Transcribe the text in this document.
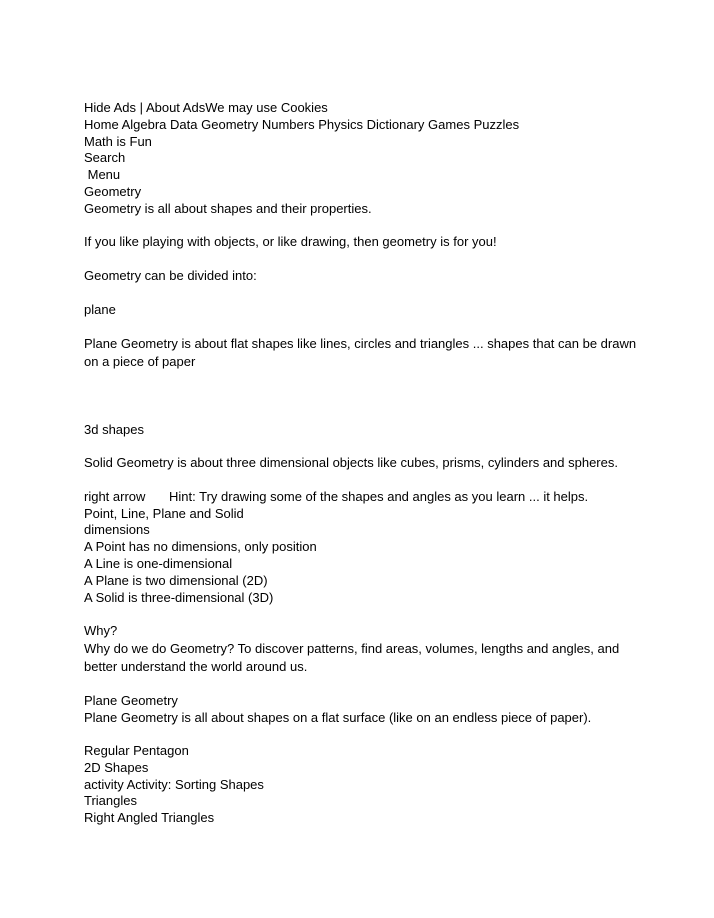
Hide Ads | About AdsWe may use Cookies
Home Algebra Data Geometry Numbers Physics Dictionary Games Puzzles
Math is Fun
Search
Menu
Geometry
Geometry is all about shapes and their properties.
If you like playing with objects, or like drawing, then geometry is for you!
Geometry can be divided into:
plane
Plane Geometry is about flat shapes like lines, circles and triangles ... shapes that can be drawn on a piece of paper
3d shapes
Solid Geometry is about three dimensional objects like cubes, prisms, cylinders and spheres.
right arrow Hint: Try drawing some of the shapes and angles as you learn ... it helps.
Point, Line, Plane and Solid
dimensions
A Point has no dimensions, only position
A Line is one-dimensional
A Plane is two dimensional (2D)
A Solid is three-dimensional (3D)
Why?
Why do we do Geometry? To discover patterns, find areas, volumes, lengths and angles, and better understand the world around us.
Plane Geometry
Plane Geometry is all about shapes on a flat surface (like on an endless piece of paper).
Regular Pentagon
2D Shapes
activity Activity: Sorting Shapes
Triangles
Right Angled Triangles
